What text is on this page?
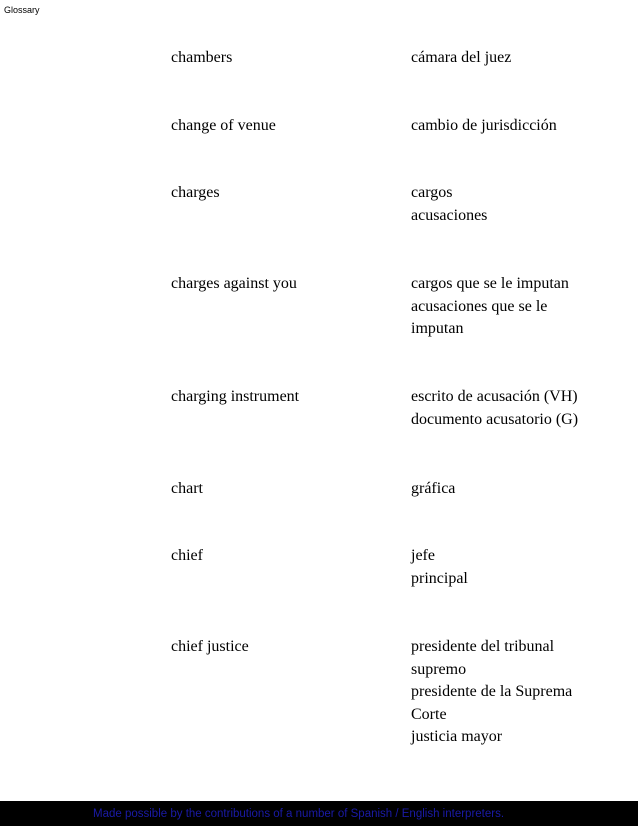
Glossary
chambers	cámara del juez
change of venue	cambio de jurisdicción
charges	cargos
acusaciones
charges against you	cargos que se le imputan
acusaciones que se le
imputan
charging instrument	escrito de acusación (VH)
documento acusatorio (G)
chart	gráfica
chief	jefe
principal
chief justice	presidente del tribunal
supremo
presidente de la Suprema
Corte
justicia mayor
Made possible by the contributions of a number of Spanish / English interpreters.
